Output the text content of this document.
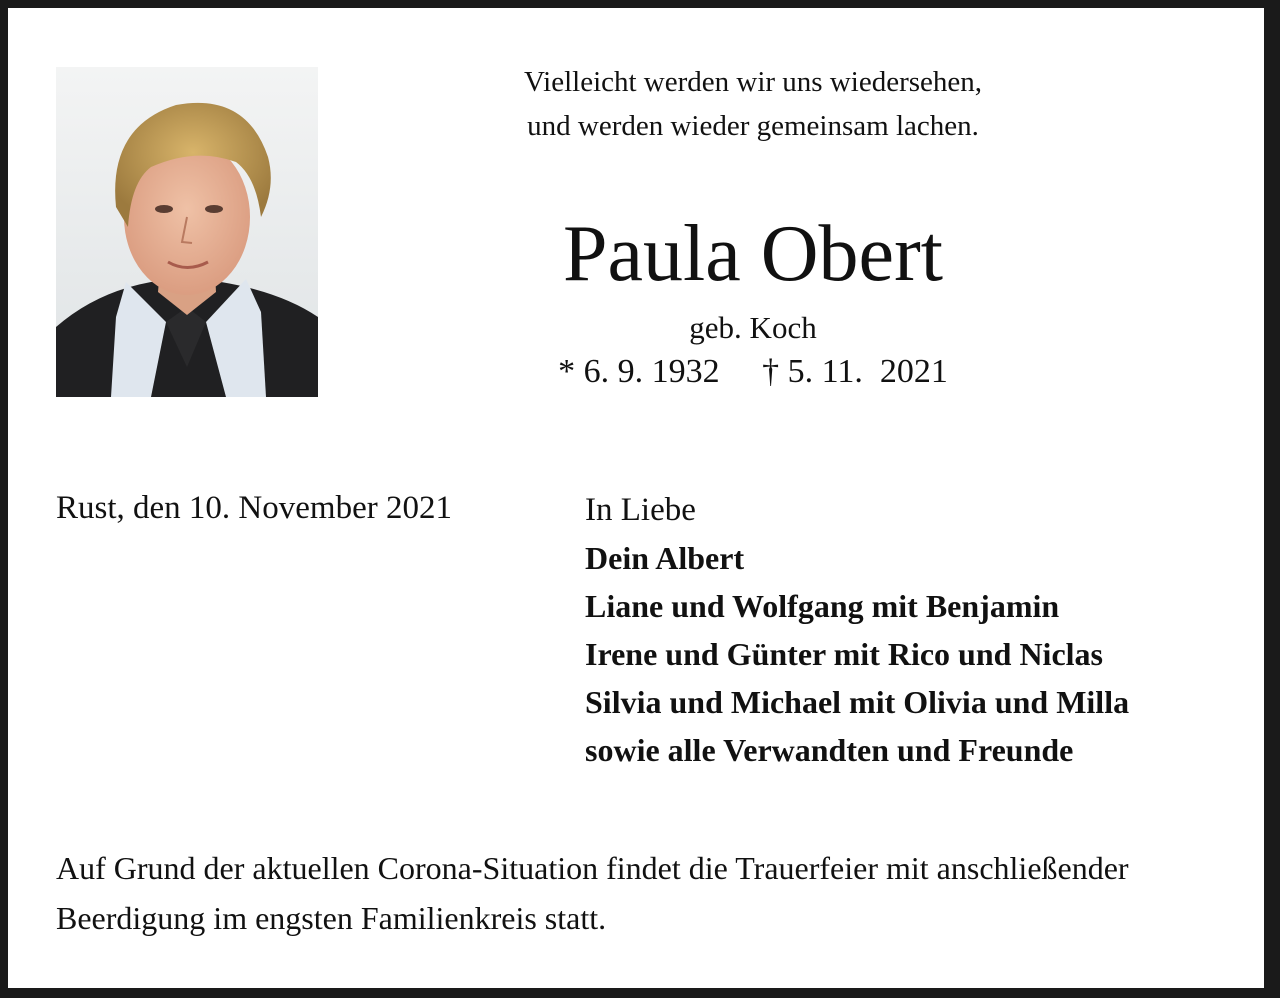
Vielleicht werden wir uns wiedersehen,
und werden wieder gemeinsam lachen.
Paula Obert
geb. Koch
* 6. 9. 1932     † 5. 11.  2021
Rust, den 10. November 2021	In Liebe
Dein Albert
Liane und Wolfgang mit Benjamin
Irene und Günter mit Rico und Niclas
Silvia und Michael mit Olivia und Milla
sowie alle Verwandten und Freunde
Auf Grund der aktuellen Corona-Situation findet die Trauerfeier mit anschließender
Beerdigung im engsten Familienkreis statt.
